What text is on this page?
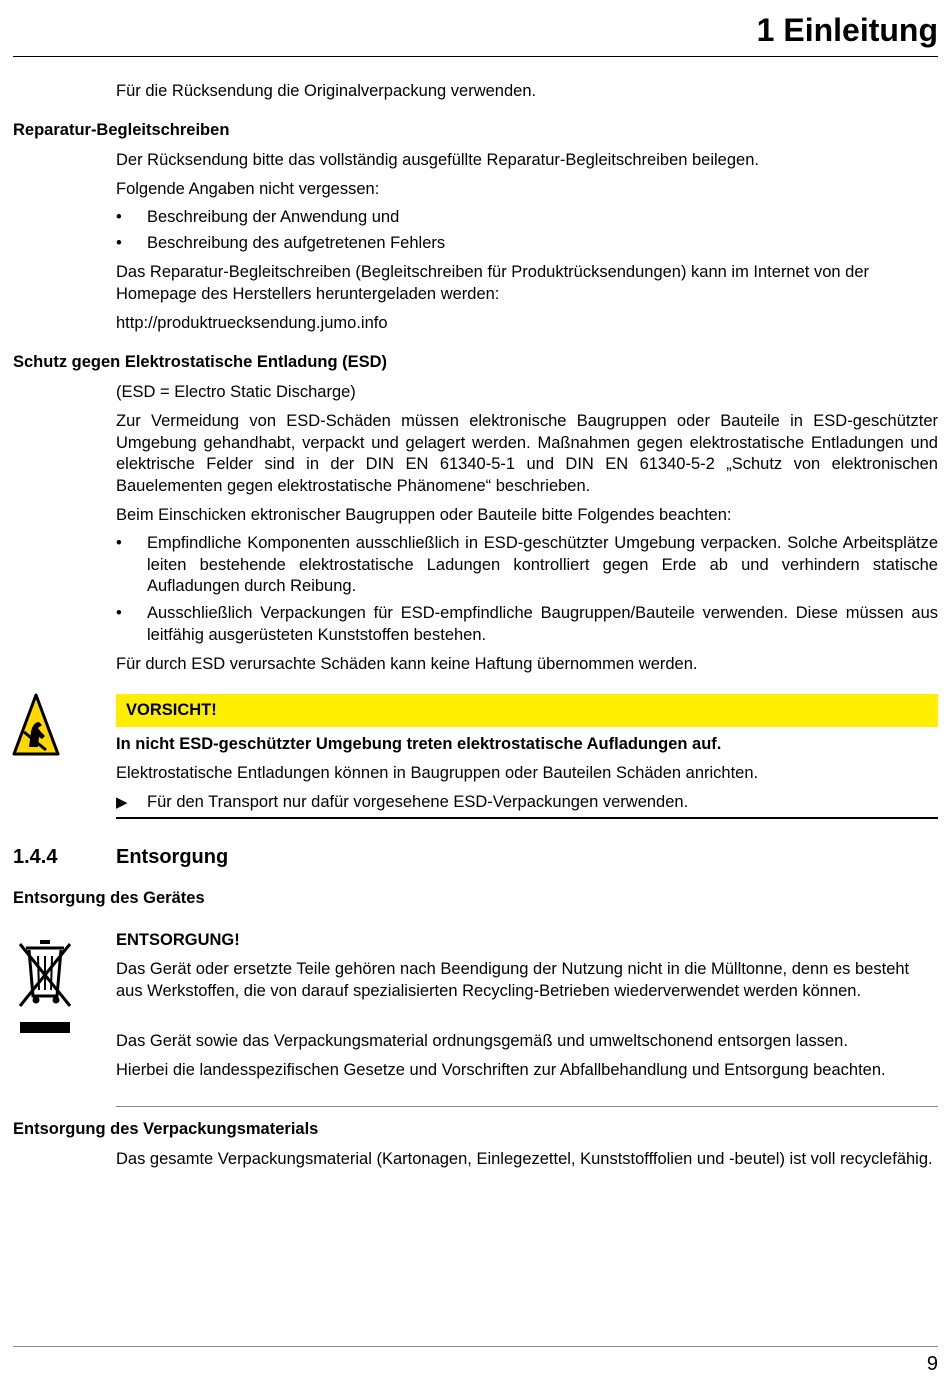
1 Einleitung
Für die Rücksendung die Originalverpackung verwenden.
Reparatur-Begleitschreiben
Der Rücksendung bitte das vollständig ausgefüllte Reparatur-Begleitschreiben beilegen.
Folgende Angaben nicht vergessen:
• Beschreibung der Anwendung und
• Beschreibung des aufgetretenen Fehlers
Das Reparatur-Begleitschreiben (Begleitschreiben für Produktrücksendungen) kann im Internet von der Homepage des Herstellers heruntergeladen werden:
http://produktruecksendung.jumo.info
Schutz gegen Elektrostatische Entladung (ESD)
(ESD = Electro Static Discharge)
Zur Vermeidung von ESD-Schäden müssen elektronische Baugruppen oder Bauteile in ESD-geschützter Umgebung gehandhabt, verpackt und gelagert werden. Maßnahmen gegen elektrostatische Entladungen und elektrische Felder sind in der DIN EN 61340-5-1 und DIN EN 61340-5-2 „Schutz von elektronischen Bauelementen gegen elektrostatische Phänomene“ beschrieben.
Beim Einschicken ektronischer Baugruppen oder Bauteile bitte Folgendes beachten:
• Empfindliche Komponenten ausschließlich in ESD-geschützter Umgebung verpacken. Solche Arbeitsplätze leiten bestehende elektrostatische Ladungen kontrolliert gegen Erde ab und verhindern statische Aufladungen durch Reibung.
• Ausschließlich Verpackungen für ESD-empfindliche Baugruppen/Bauteile verwenden. Diese müssen aus leitfähig ausgerüsteten Kunststoffen bestehen.
Für durch ESD verursachte Schäden kann keine Haftung übernommen werden.
VORSICHT!
In nicht ESD-geschützter Umgebung treten elektrostatische Aufladungen auf.
Elektrostatische Entladungen können in Baugruppen oder Bauteilen Schäden anrichten.
▶ Für den Transport nur dafür vorgesehene ESD-Verpackungen verwenden.
1.4.4	Entsorgung
Entsorgung des Gerätes
ENTSORGUNG!
Das Gerät oder ersetzte Teile gehören nach Beendigung der Nutzung nicht in die Mülltonne, denn es besteht aus Werkstoffen, die von darauf spezialisierten Recycling-Betrieben wiederverwendet werden können.
Das Gerät sowie das Verpackungsmaterial ordnungsgemäß und umweltschonend entsorgen lassen.
Hierbei die landesspezifischen Gesetze und Vorschriften zur Abfallbehandlung und Entsorgung beachten.
Entsorgung des Verpackungsmaterials
Das gesamte Verpackungsmaterial (Kartonagen, Einlegezettel, Kunststofffolien und -beutel) ist voll recyclefähig.
9
